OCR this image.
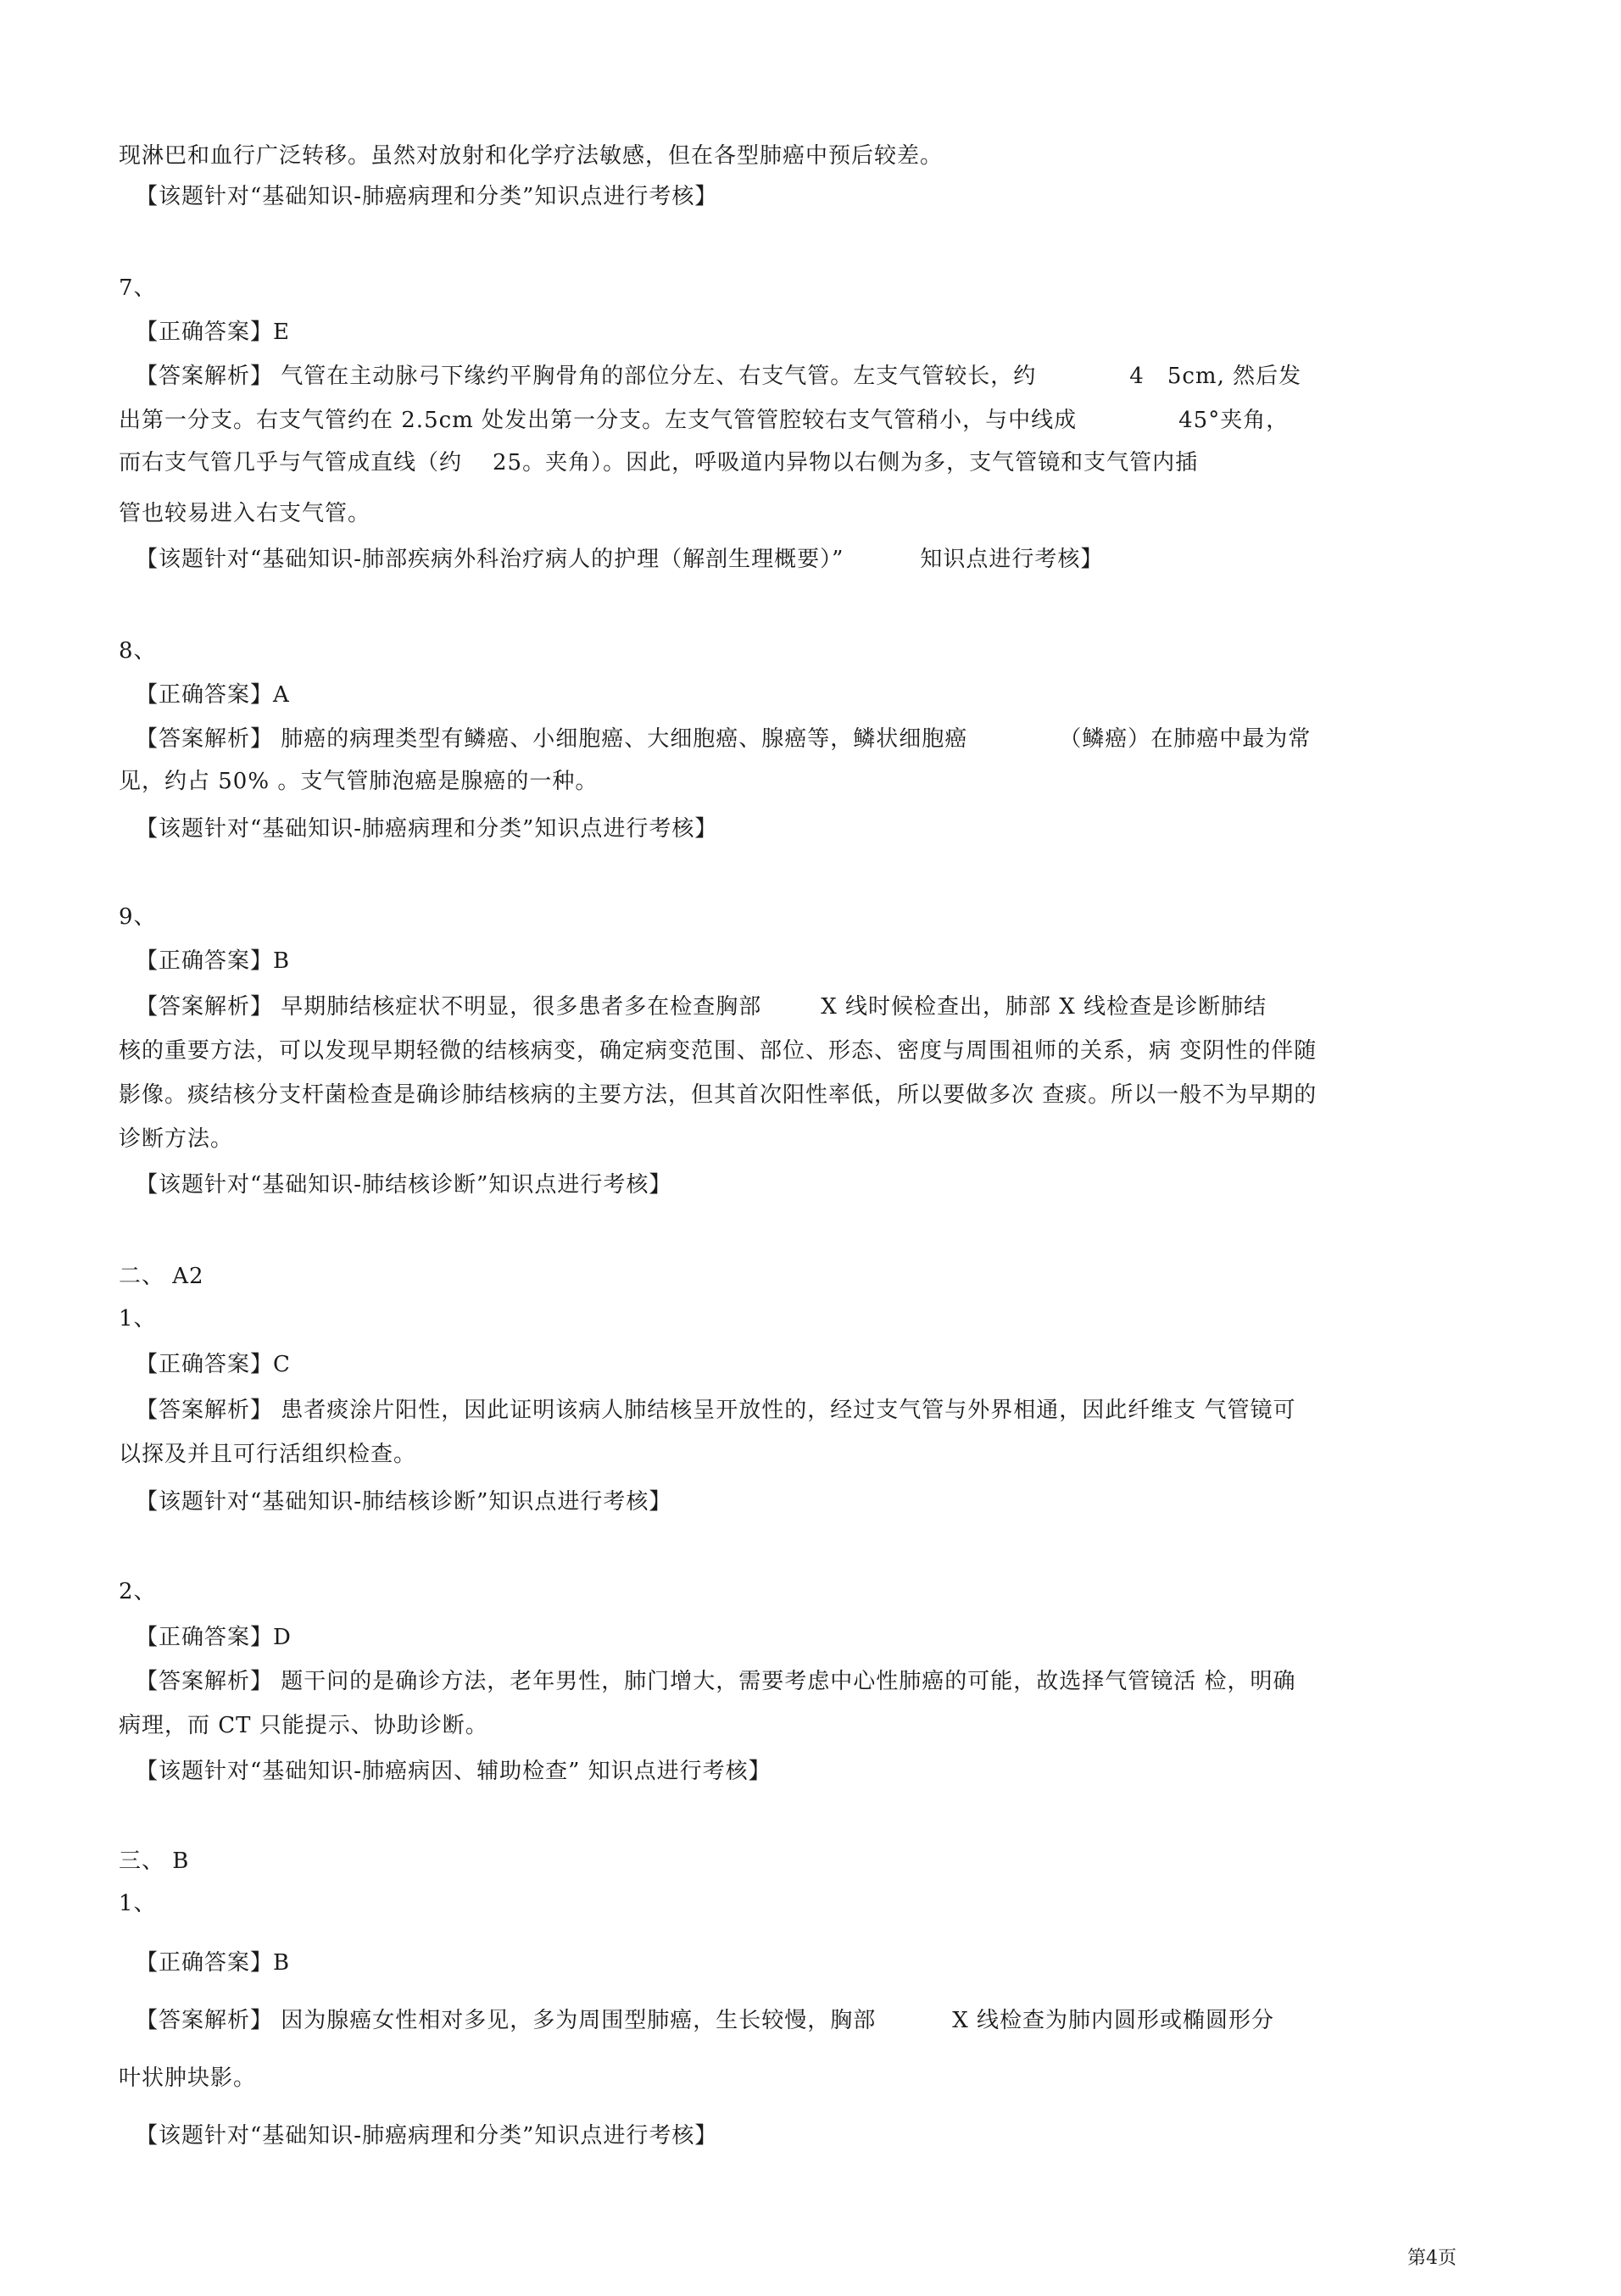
现淋巴和血行广泛转移。虽然对放射和化学疗法敏感，但在各型肺癌中预后较差。
【该题针对“基础知识-肺癌病理和分类”知识点进行考核】
7、
【正确答案】E
【答案解析】 气管在主动脉弓下缘约平胸骨角的部位分左、右支气管。左支气管较长，约	4　5cm, 然后发
出第一分支。右支气管约在 2.5cm 处发出第一分支。左支气管管腔较右支气管稍小，与中线成	45°夹角，
而右支气管几乎与气管成直线（约 25。夹角）。因此，呼吸道内异物以右侧为多，支气管镜和支气管内插
管也较易进入右支气管。
【该题针对“基础知识-肺部疾病外科治疗病人的护理（解剖生理概要）”	知识点进行考核】
8、
【正确答案】A
【答案解析】 肺癌的病理类型有鳞癌、小细胞癌、大细胞癌、腺癌等，鳞状细胞癌	（鳞癌）在肺癌中最为常
见，约占 50% 。支气管肺泡癌是腺癌的一种。
【该题针对“基础知识-肺癌病理和分类”知识点进行考核】
9、
【正确答案】B
【答案解析】 早期肺结核症状不明显，很多患者多在检查胸部	X 线时候检查出，肺部 X 线检查是诊断肺结
核的重要方法，可以发现早期轻微的结核病变，确定病变范围、部位、形态、密度与周围祖师的关系，病 变阴性的伴随
影像。痰结核分支杆菌检查是确诊肺结核病的主要方法，但其首次阳性率低，所以要做多次 查痰。所以一般不为早期的
诊断方法。
【该题针对“基础知识-肺结核诊断”知识点进行考核】
二、 A2
1、
【正确答案】C
【答案解析】 患者痰涂片阳性，因此证明该病人肺结核呈开放性的，经过支气管与外界相通，因此纤维支 气管镜可
以探及并且可行活组织检查。
【该题针对“基础知识-肺结核诊断”知识点进行考核】
2、
【正确答案】D
【答案解析】 题干问的是确诊方法，老年男性，肺门增大，需要考虑中心性肺癌的可能，故选择气管镜活 检，明确
病理，而 CT 只能提示、协助诊断。
【该题针对“基础知识-肺癌病因、辅助检查” 知识点进行考核】
三、 B
1、
【正确答案】B
【答案解析】 因为腺癌女性相对多见，多为周围型肺癌，生长较慢，胸部	X 线检查为肺内圆形或椭圆形分
叶状肿块影。
【该题针对“基础知识-肺癌病理和分类”知识点进行考核】
第4页
